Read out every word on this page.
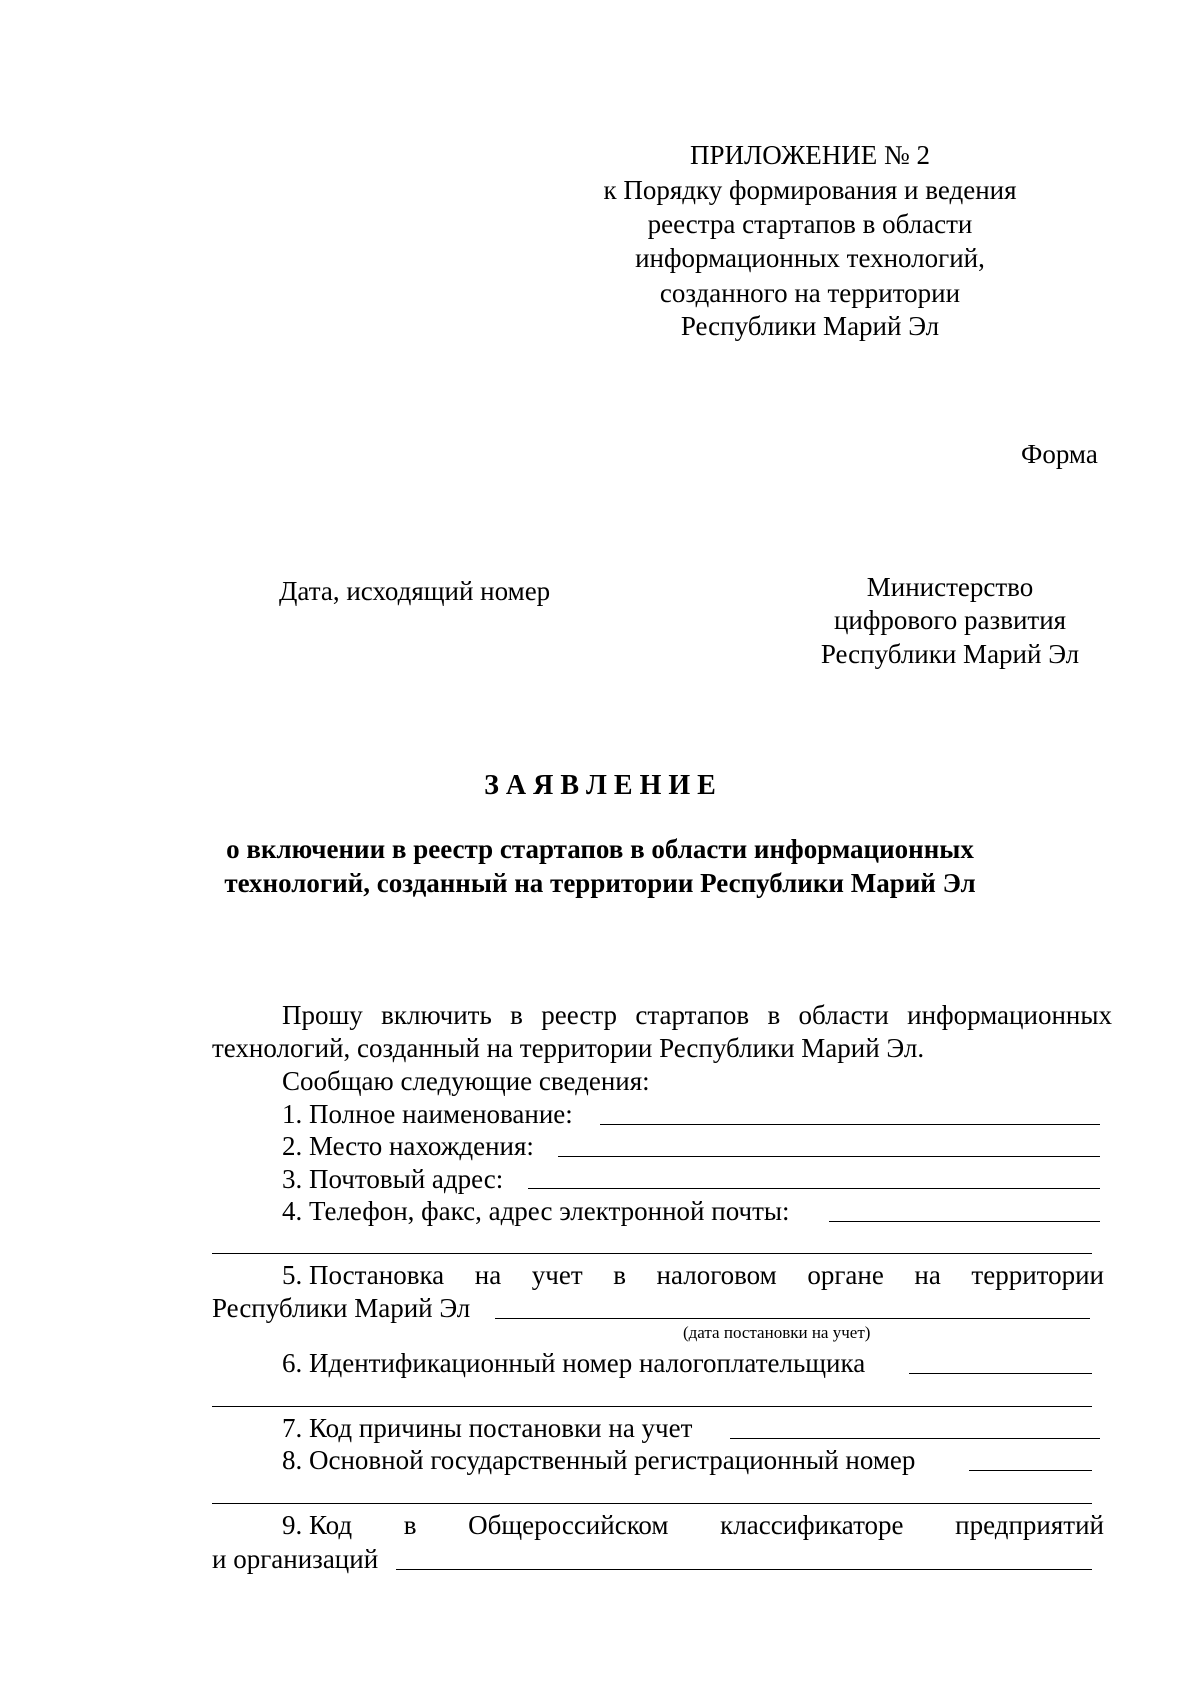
ПРИЛОЖЕНИЕ № 2
к Порядку формирования и ведения
реестра стартапов в области
информационных технологий,
созданного на территории
Республики Марий Эл
Форма
Дата, исходящий номер	Министерство
цифрового развития
Республики Марий Эл
З А Я В Л Е Н И Е
о включении в реестр стартапов в области информационных
технологий, созданный на территории Республики Марий Эл
Прошу включить в реестр стартапов в области информационных
технологий, созданный на территории Республики Марий Эл.
Сообщаю следующие сведения:
1. Полное наименование:
2. Место нахождения:
3. Почтовый адрес:
4. Телефон, факс, адрес электронной почты:
5. Постановка на учет в налоговом органе на территории
Республики Марий Эл
(дата постановки на учет)
6. Идентификационный номер налогоплательщика
7. Код причины постановки на учет
8. Основной государственный регистрационный номер
9. Код в Общероссийском классификаторе предприятий
и организаций
